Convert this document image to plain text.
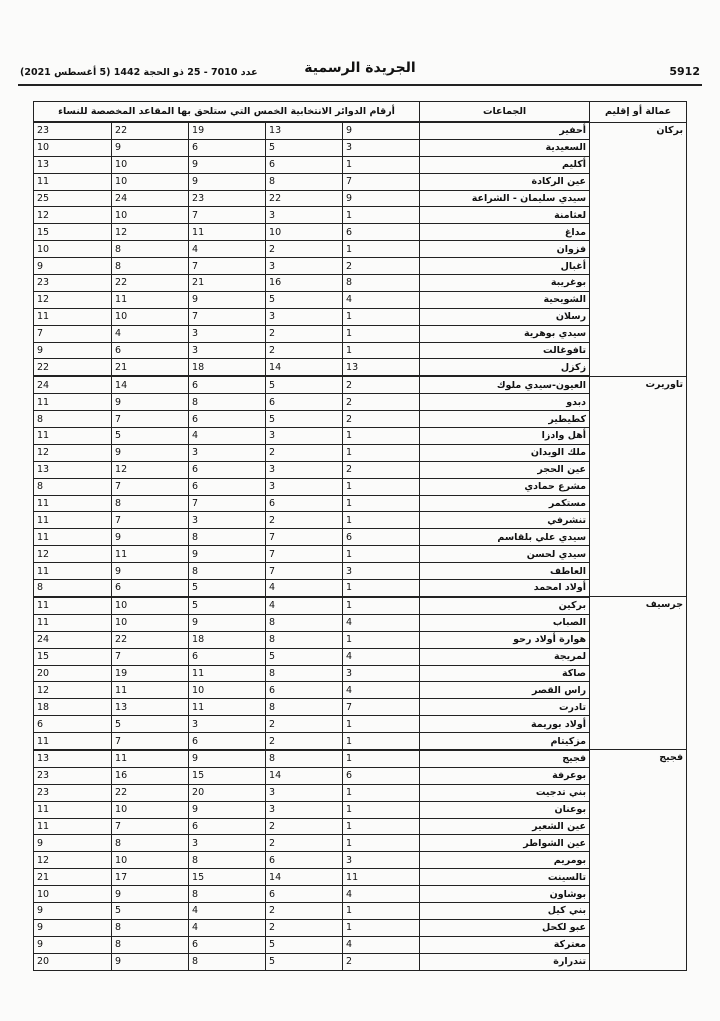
5912
الجريدة الرسمية
عدد 7010 - 25 ذو الحجة 1442 (5 أغسطس 2021)
عمالة أو إقليم	الجماعات	أرقام الدوائر الانتخابية الخمس التي ستلحق بها المقاعد المخصصة للنساء				
بركان	أحفير	9	13	19	22	23
	السعيدية	3	5	6	9	10
	أكليم	1	6	9	10	13
	عين الركادة	7	8	9	10	11
	سيدي سليمان - الشراعة	9	22	23	24	25
	لعثامنة	1	3	7	10	12
	مداغ	6	10	11	12	15
	فزوان	1	2	4	8	10
	أغبال	2	3	7	8	9
	بوغريبة	8	16	21	22	23
	الشويحية	4	5	9	11	12
	رسلان	1	3	7	10	11
	سيدي بوهرية	1	2	3	4	7
	تافوغالت	1	2	3	6	9
	زكزل	13	14	18	21	22
تاوريرت	العيون-سيدي ملوك	2	5	6	14	24
	دبدو	2	6	8	9	11
	كطيطير	2	5	6	7	8
	أهل وادزا	1	3	4	5	11
	ملك الويدان	1	2	3	9	12
	عين الحجر	2	3	6	12	13
	مشرع حمادي	1	3	6	7	8
	مستكمر	1	6	7	8	11
	تنشرفي	1	2	3	7	11
	سيدي علي بلقاسم	6	7	8	9	11
	سيدي لحسن	1	7	9	11	12
	العاطف	3	7	8	9	11
	أولاد امحمد	1	4	5	6	8
جرسيف	بركين	1	4	5	10	11
	الصباب	4	8	9	10	11
	هوارة أولاد رحو	1	8	18	22	24
	لمريجة	4	5	6	7	15
	صاكة	3	8	11	19	20
	راس القصر	4	6	10	11	12
	تادرت	7	8	11	13	18
	أولاد بوريمة	1	2	3	5	6
	مزكيتام	1	2	6	7	11
فجيج	فجيج	1	8	9	11	13
	بوعرفة	6	14	15	16	23
	بني تدجيت	1	3	20	22	23
	بوعنان	1	3	9	10	11
	عين الشعير	1	2	6	7	11
	عين الشواطر	1	2	3	8	9
	بومريم	3	6	8	10	12
	تالسينت	11	14	15	17	21
	بوشاون	4	6	8	9	10
	بني كيل	1	2	4	5	9
	عبو لكحل	1	2	4	8	9
	معتركة	4	5	6	8	9
	تندرارة	2	5	8	9	20
